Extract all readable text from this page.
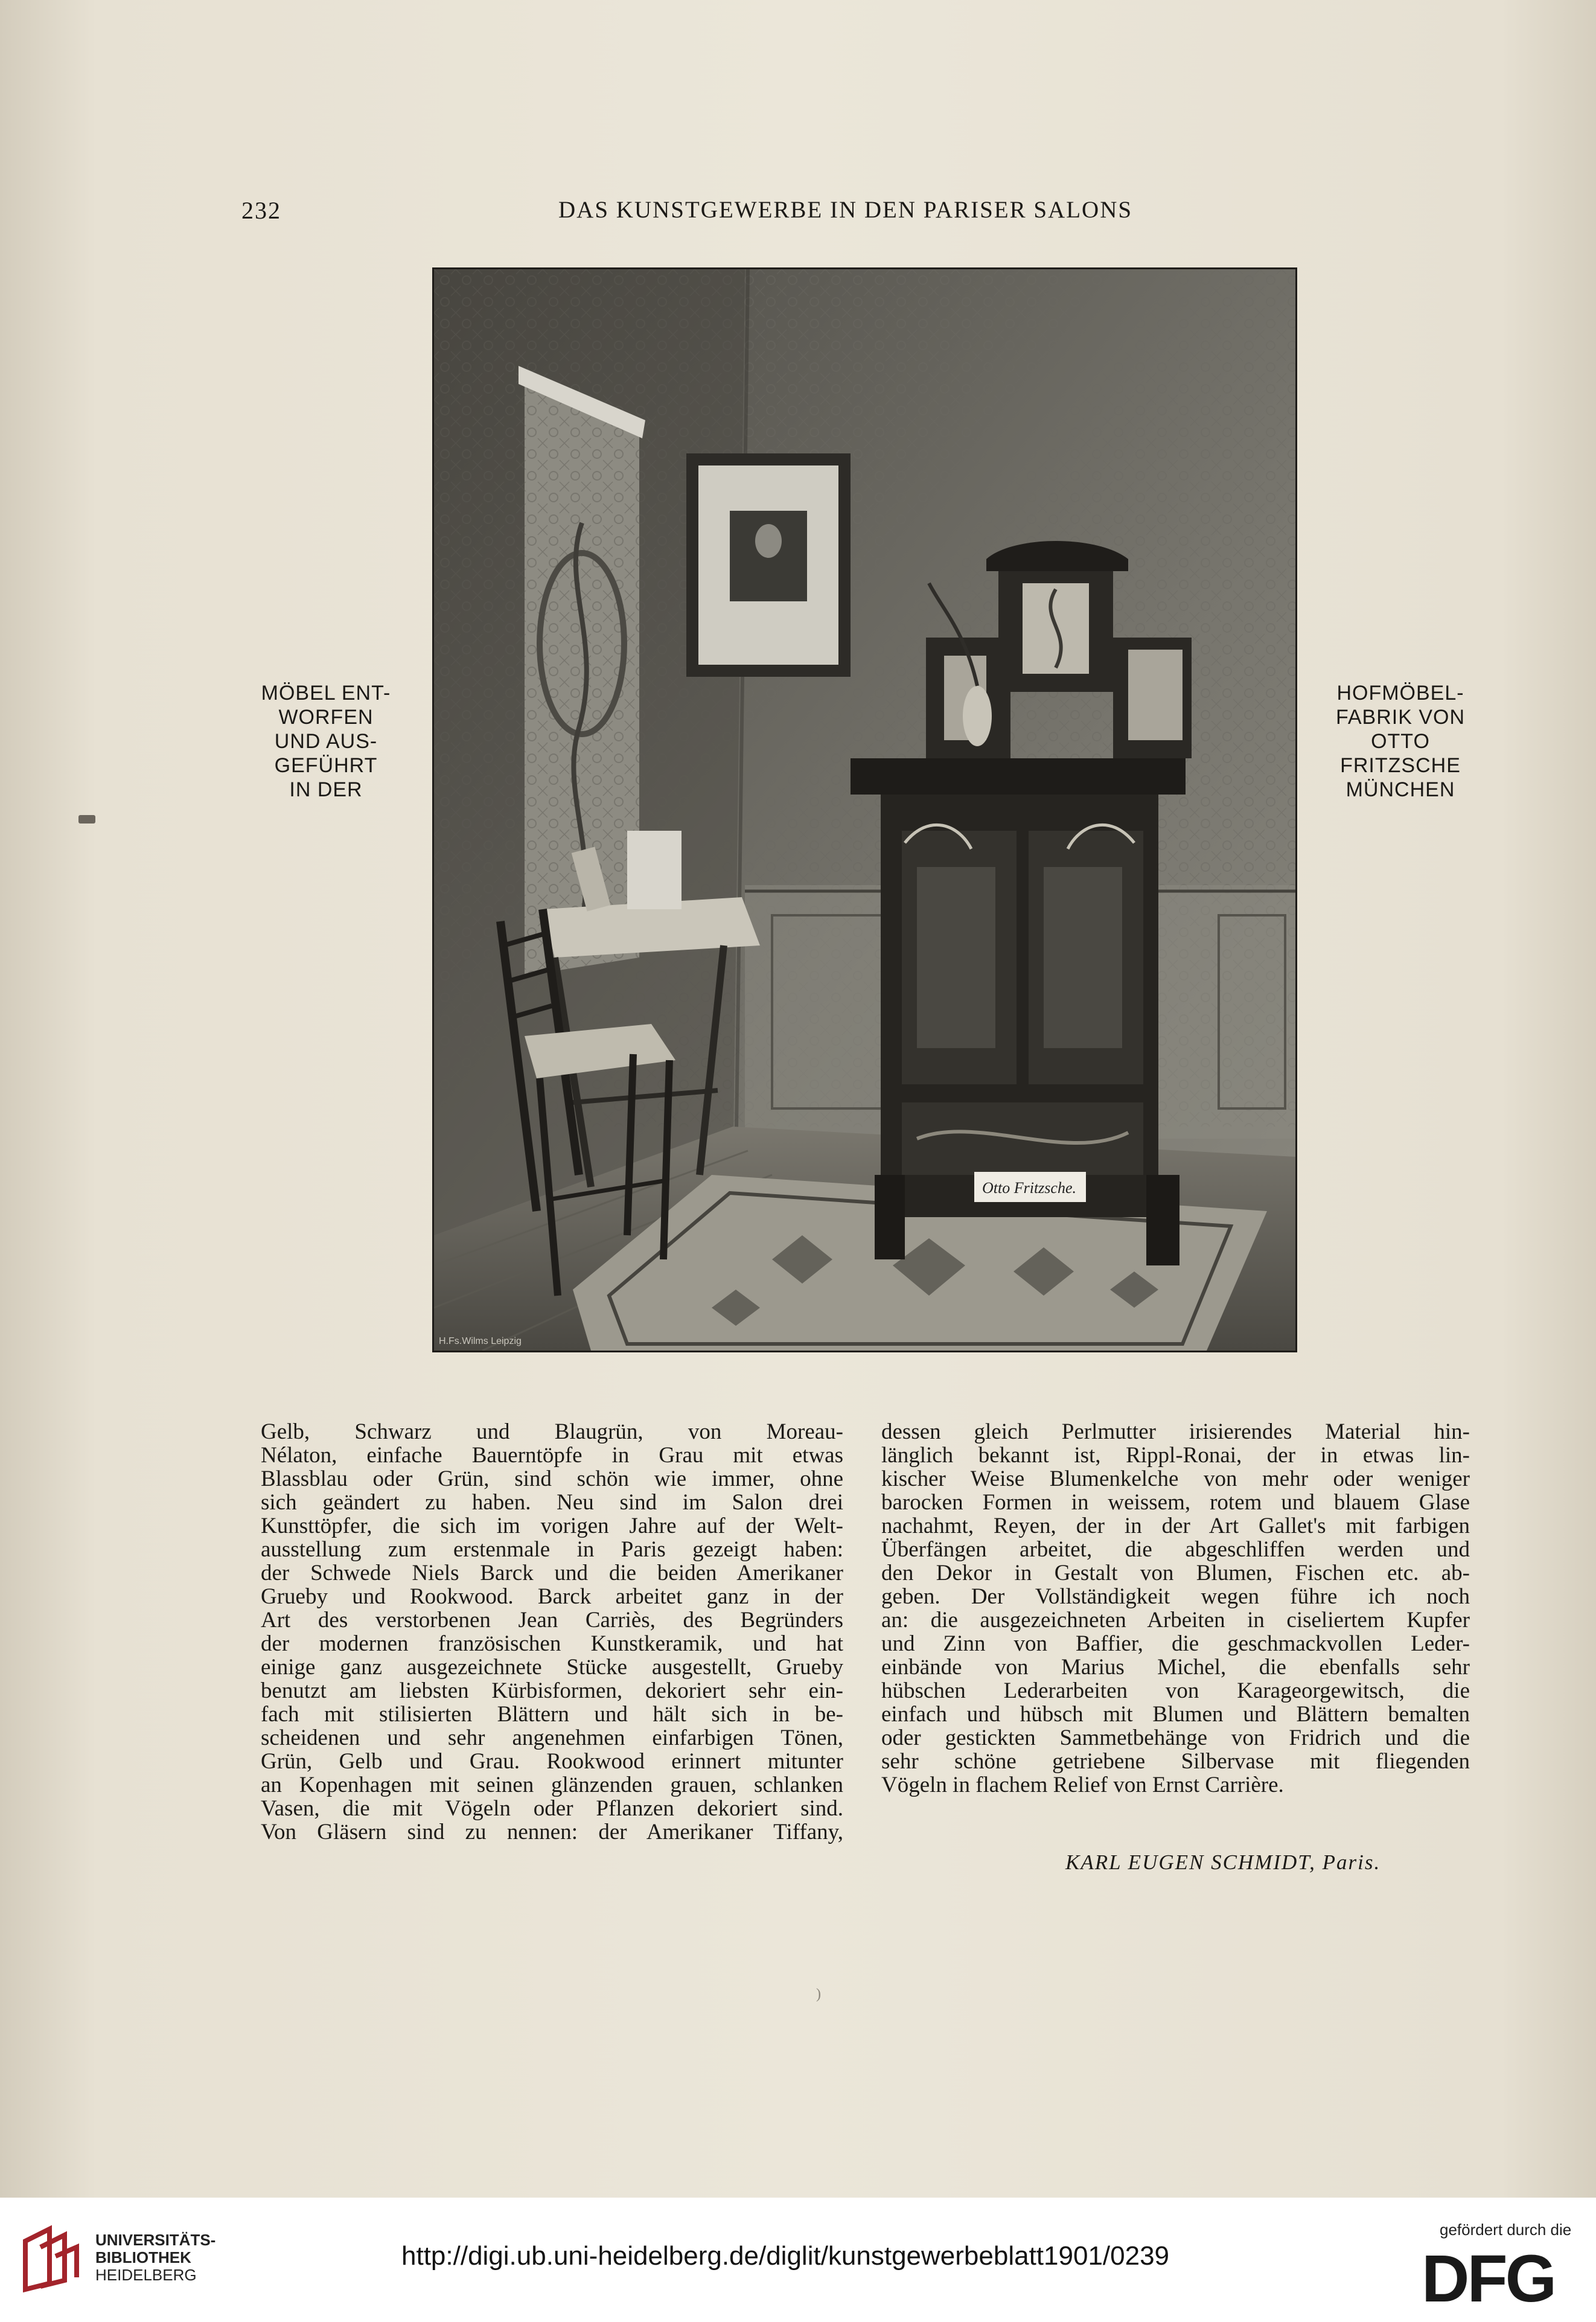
232	DAS KUNSTGEWERBE IN DEN PARISER SALONS
Otto Fritzsche.
H.Fs.Wilms Leipzig
MÖBEL ENT-
WORFEN
UND AUS-
GEFÜHRT
IN DER
HOFMÖBEL-
FABRIK VON
OTTO
FRITZSCHE
MÜNCHEN
Gelb, Schwarz und Blaugrün, von Moreau-
Nélaton, einfache Bauerntöpfe in Grau mit etwas
Blassblau oder Grün, sind schön wie immer, ohne
sich geändert zu haben. Neu sind im Salon drei
Kunsttöpfer, die sich im vorigen Jahre auf der Welt-
ausstellung zum erstenmale in Paris gezeigt haben:
der Schwede Niels Barck und die beiden Amerikaner
Grueby und Rookwood. Barck arbeitet ganz in der
Art des verstorbenen Jean Carriès, des Begründers
der modernen französischen Kunstkeramik, und hat
einige ganz ausgezeichnete Stücke ausgestellt, Grueby
benutzt am liebsten Kürbisformen, dekoriert sehr ein-
fach mit stilisierten Blättern und hält sich in be-
scheidenen und sehr angenehmen einfarbigen Tönen,
Grün, Gelb und Grau. Rookwood erinnert mitunter
an Kopenhagen mit seinen glänzenden grauen, schlanken
Vasen, die mit Vögeln oder Pflanzen dekoriert sind.
Von Gläsern sind zu nennen: der Amerikaner Tiffany,
dessen gleich Perlmutter irisierendes Material hin-
länglich bekannt ist, Rippl-Ronai, der in etwas lin-
kischer Weise Blumenkelche von mehr oder weniger
barocken Formen in weissem, rotem und blauem Glase
nachahmt, Reyen, der in der Art Gallet's mit farbigen
Überfängen arbeitet, die abgeschliffen werden und
den Dekor in Gestalt von Blumen, Fischen etc. ab-
geben. Der Vollständigkeit wegen führe ich noch
an: die ausgezeichneten Arbeiten in ciseliertem Kupfer
und Zinn von Baffier, die geschmackvollen Leder-
einbände von Marius Michel, die ebenfalls sehr
hübschen Lederarbeiten von Karageorgewitsch, die
einfach und hübsch mit Blumen und Blättern bemalten
oder gestickten Sammetbehänge von Fridrich und die
sehr schöne getriebene Silbervase mit fliegenden
Vögeln in flachem Relief von Ernst Carrière.
KARL EUGEN SCHMIDT, Paris.
)
UNIVERSITÄTS-
BIBLIOTHEK
HEIDELBERG
http://digi.ub.uni-heidelberg.de/diglit/kunstgewerbeblatt1901/0239
gefördert durch die
DFG
